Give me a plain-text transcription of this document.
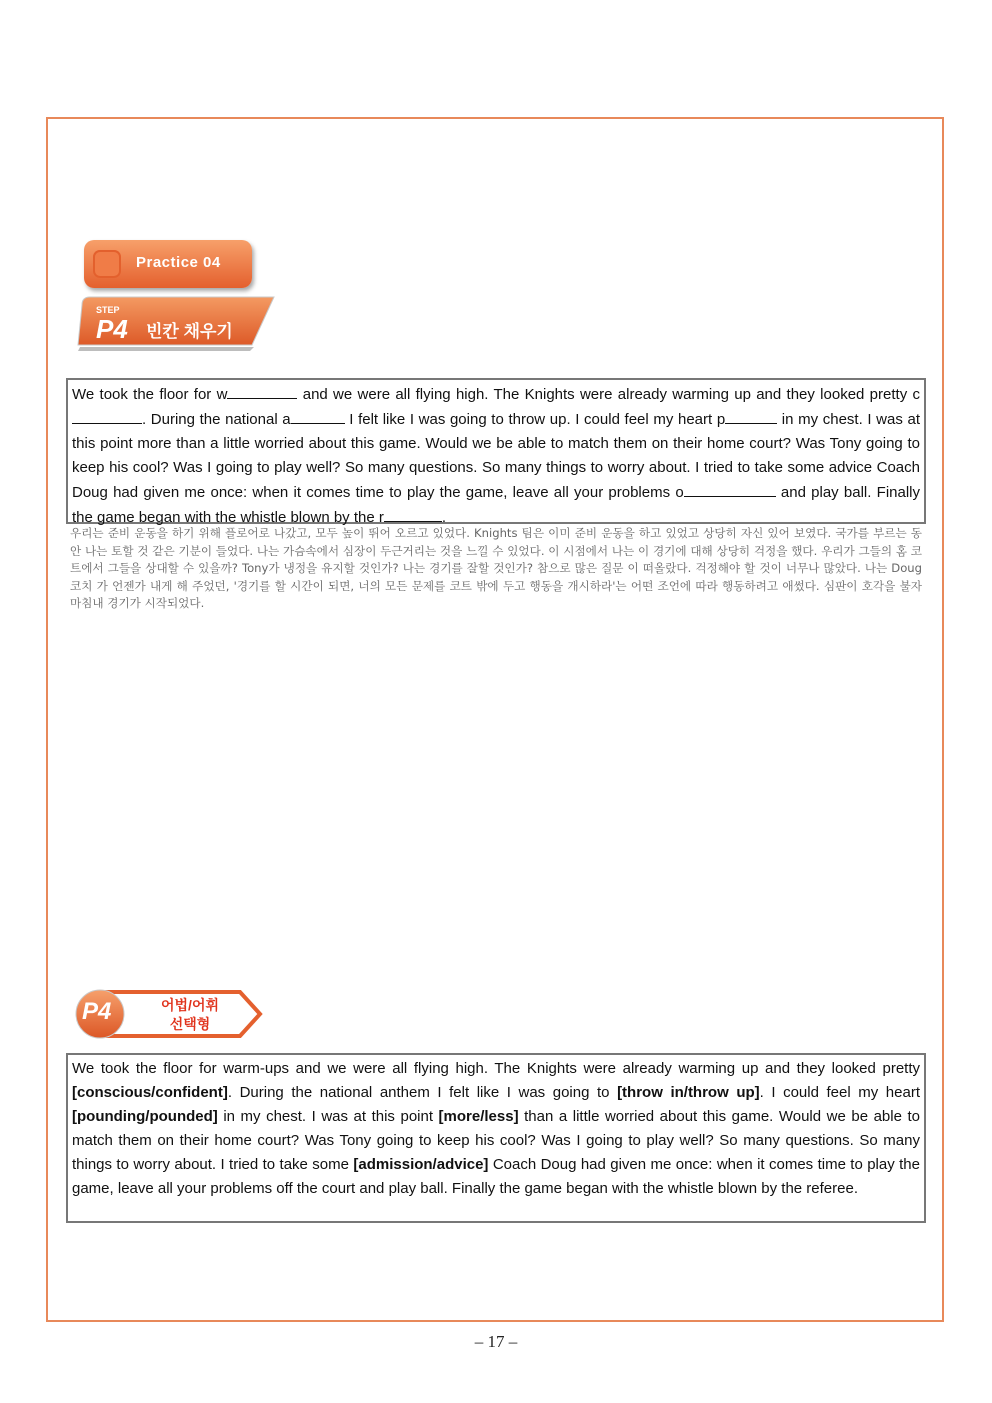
Practice 04
STEP
P4 빈칸 채우기

We took the floor for w	and we were all flying high. The Knights were already warming up and they looked pretty c. During the national a	I felt like I was going to throw up. I could feel my heart p	in my chest. I was at this point more than a little worried about this game. Would we be able to match them on their home court? Was Tony going to keep his cool? Was I going to play well? So many questions. So many things to worry about. I tried to take some advice Coach Doug had given me once: when it comes time to play the game, leave all your problems o	and play ball. Finally the game began with the whistle blown by the r	.

우리는 준비 운동을 하기 위해 플로어로 나갔고, 모두 높이 뛰어 오르고 있었다. Knights 팀은 이미 준비 운동을 하고 있었고 상당히 자신 있어 보였다. 국가를 부르는 동안 나는 토할 것 같은 기분이 들었다. 나는 가슴속에서 심장이 두근거리는 것을 느낄 수 있었다. 이 시점에서 나는 이 경기에 대해 상당히 걱정을 했다. 우리가 그들의 홈 코트에서 그들을 상대할 수 있을까? Tony가 냉정을 유지할 것인가? 나는 경기를 잘할 것인가? 참으로 많은 질문 이 떠올랐다. 걱정해야 할 것이 너무나 많았다. 나는 Doug 코치 가 언젠가 내게 해 주었던, '경기를 할 시간이 되면, 너의 모든 문제를 코트 밖에 두고 행동을 개시하라'는 어떤 조언에 따라 행동하려고 애썼다. 심판이 호각을 불자 마침내 경기가 시작되었다.

P4	어법/어휘
선택형

We took the floor for warm-ups and we were all flying high. The Knights were already warming up and they looked pretty [conscious/confident]. During the national anthem I felt like I was going to [throw in/throw up]. I could feel my heart [pounding/pounded] in my chest. I was at this point [more/less] than a little worried about this game. Would we be able to match them on their home court? Was Tony going to keep his cool? Was I going to play well? So many questions. So many things to worry about. I tried to take some [admission/advice] Coach Doug had given me once: when it comes time to play the game, leave all your problems off the court and play ball. Finally the game began with the whistle blown by the referee.

– 17 –
